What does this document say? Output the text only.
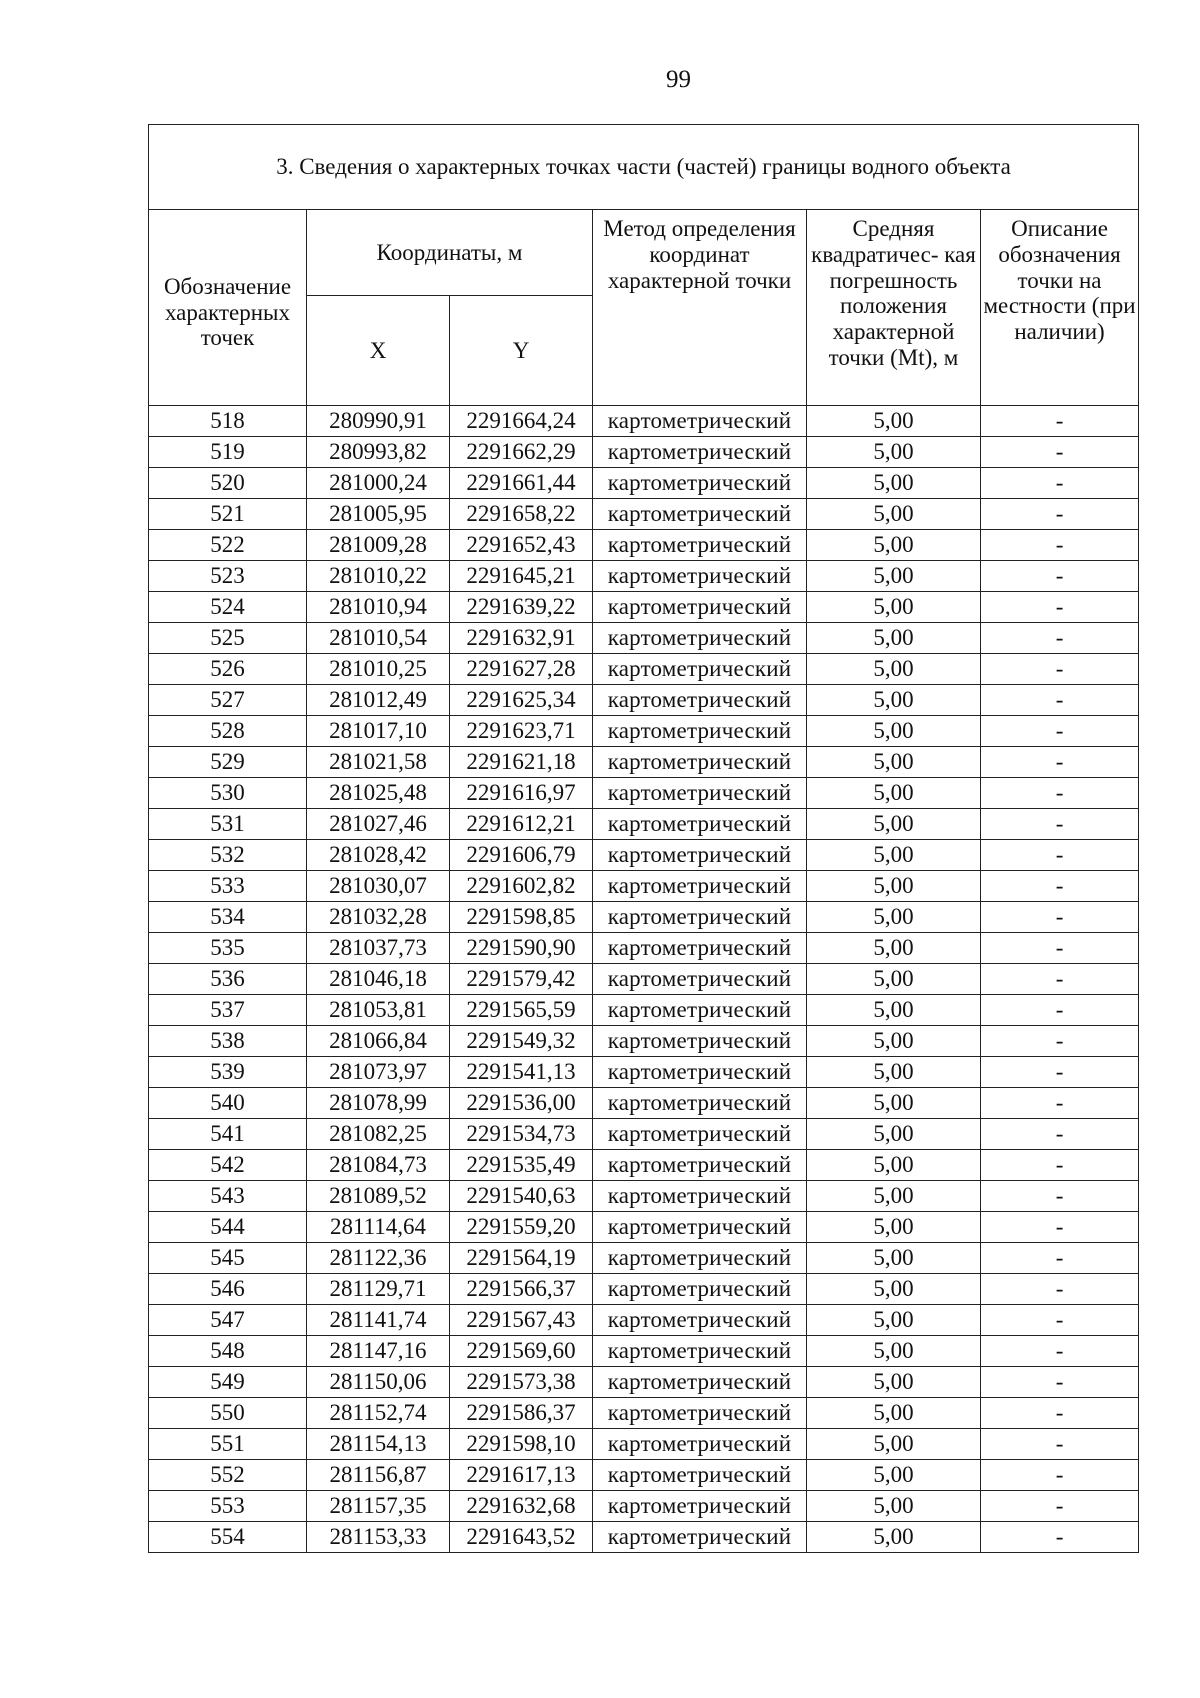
99
3. Сведения о характерных точках части (частей) границы водного объекта					
Обозначение характерных точек	Координаты, м		Метод определения координат характерной точки	Средняя квадратичес- кая погрешность положения характерной точки (Mt), м	Описание обозначения точки на местности (при наличии)
	X	Y			
518	280990,91	2291664,24	картометрический	5,00	-
519	280993,82	2291662,29	картометрический	5,00	-
520	281000,24	2291661,44	картометрический	5,00	-
521	281005,95	2291658,22	картометрический	5,00	-
522	281009,28	2291652,43	картометрический	5,00	-
523	281010,22	2291645,21	картометрический	5,00	-
524	281010,94	2291639,22	картометрический	5,00	-
525	281010,54	2291632,91	картометрический	5,00	-
526	281010,25	2291627,28	картометрический	5,00	-
527	281012,49	2291625,34	картометрический	5,00	-
528	281017,10	2291623,71	картометрический	5,00	-
529	281021,58	2291621,18	картометрический	5,00	-
530	281025,48	2291616,97	картометрический	5,00	-
531	281027,46	2291612,21	картометрический	5,00	-
532	281028,42	2291606,79	картометрический	5,00	-
533	281030,07	2291602,82	картометрический	5,00	-
534	281032,28	2291598,85	картометрический	5,00	-
535	281037,73	2291590,90	картометрический	5,00	-
536	281046,18	2291579,42	картометрический	5,00	-
537	281053,81	2291565,59	картометрический	5,00	-
538	281066,84	2291549,32	картометрический	5,00	-
539	281073,97	2291541,13	картометрический	5,00	-
540	281078,99	2291536,00	картометрический	5,00	-
541	281082,25	2291534,73	картометрический	5,00	-
542	281084,73	2291535,49	картометрический	5,00	-
543	281089,52	2291540,63	картометрический	5,00	-
544	281114,64	2291559,20	картометрический	5,00	-
545	281122,36	2291564,19	картометрический	5,00	-
546	281129,71	2291566,37	картометрический	5,00	-
547	281141,74	2291567,43	картометрический	5,00	-
548	281147,16	2291569,60	картометрический	5,00	-
549	281150,06	2291573,38	картометрический	5,00	-
550	281152,74	2291586,37	картометрический	5,00	-
551	281154,13	2291598,10	картометрический	5,00	-
552	281156,87	2291617,13	картометрический	5,00	-
553	281157,35	2291632,68	картометрический	5,00	-
554	281153,33	2291643,52	картометрический	5,00	-
